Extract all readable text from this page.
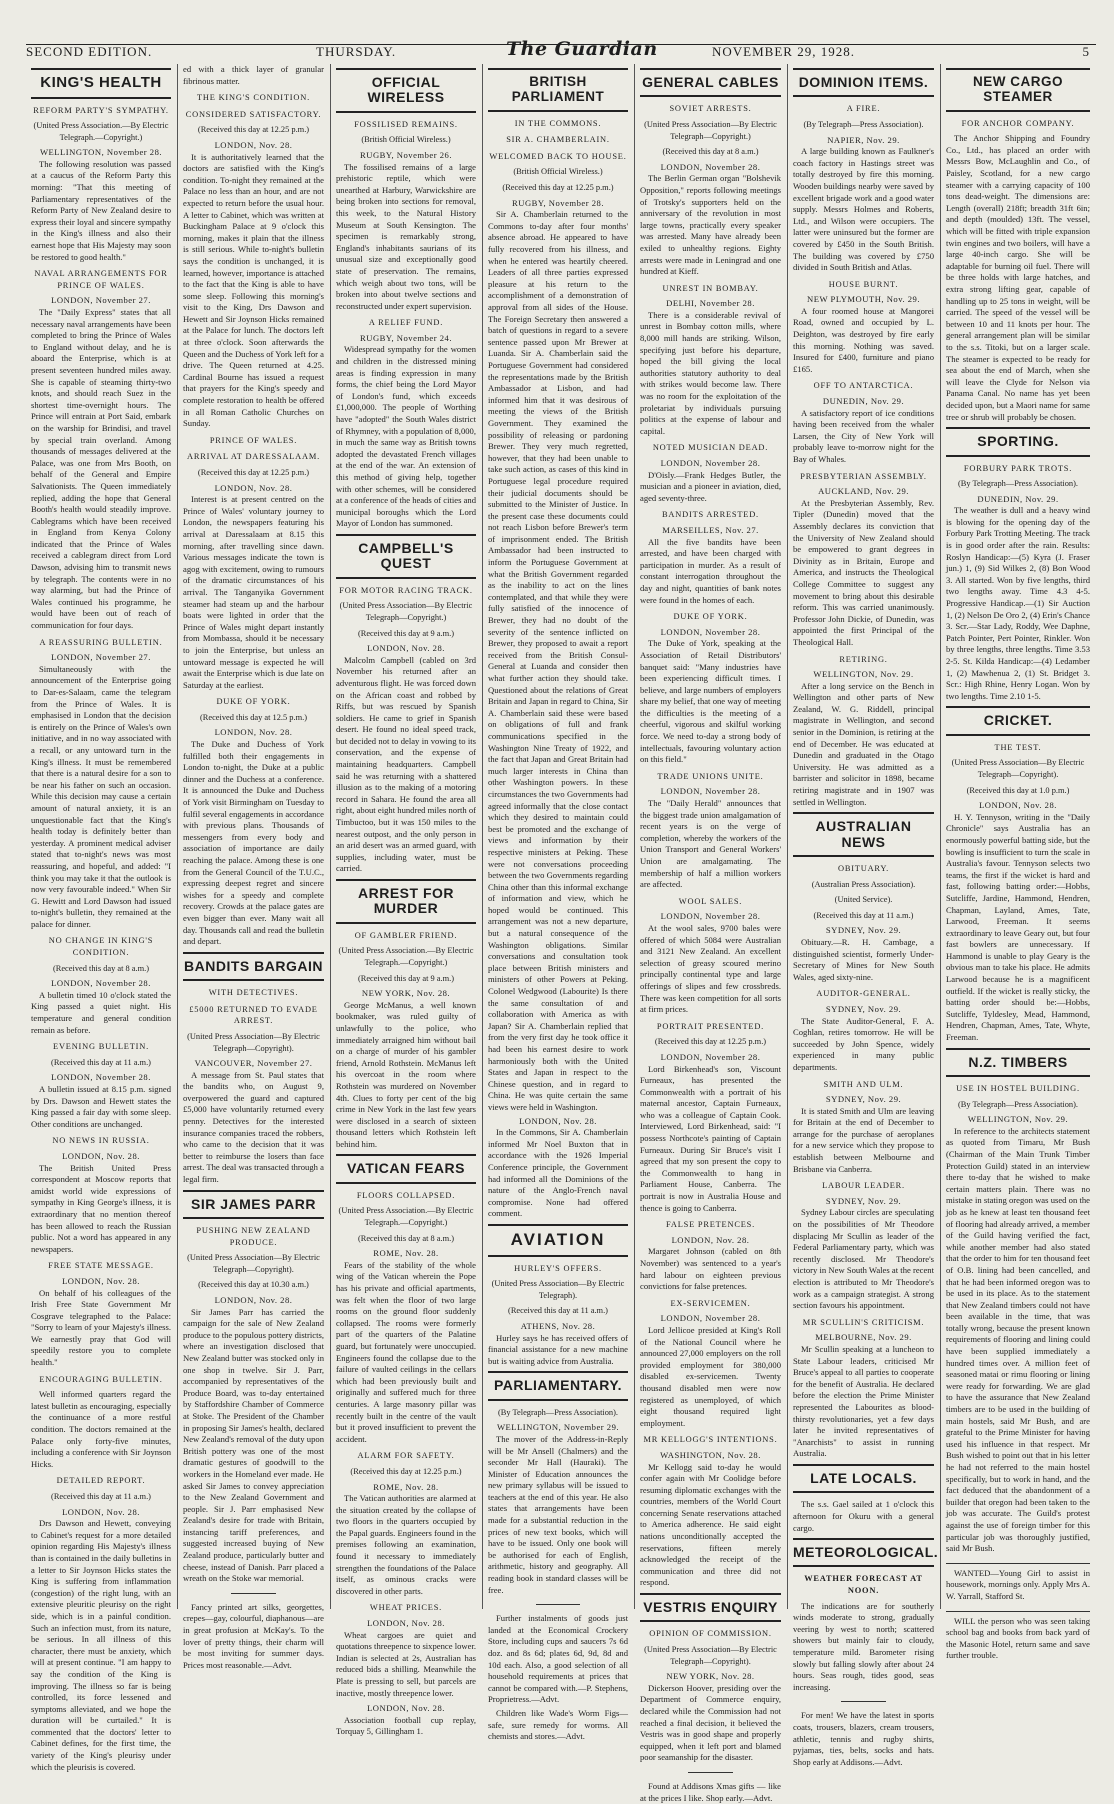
SECOND EDITION.	THURSDAY.	The Guardian	NOVEMBER 29, 1928.	5
KING'S HEALTH
REFORM PARTY'S SYMPATHY.
(United Press Association.—By Electric Telegraph.—Copyright.)
WELLINGTON, November 28.

The following resolution was passed at a caucus of the Reform Party this morning: "That this meeting of Parliamentary representatives of the Reform Party of New Zealand desire to express their loyal and sincere sympathy in the King's illness and also their earnest hope that His Majesty may soon be restored to good health."

NAVAL ARRANGEMENTS FOR PRINCE OF WALES.
LONDON, November 27.

The "Daily Express" states that all necessary naval arrangements have been completed to bring the Prince of Wales to England without delay, and he is aboard the Enterprise, which is at present seventeen hundred miles away. She is capable of steaming thirty-two knots, and should reach Suez in the shortest time-overnight hours. The Prince will entrain at Port Said, embark on the warship for Brindisi, and travel by special train overland. Among thousands of messages delivered at the Palace, was one from Mrs Booth, on behalf of the General and Empire Salvationists. The Queen immediately replied, adding the hope that General Booth's health would steadily improve. Cablegrams which have been received in England from Kenya Colony indicated that the Prince of Wales received a cablegram direct from Lord Dawson, advising him to transmit news by telegraph. The contents were in no way alarming, but had the Prince of Wales continued his programme, he would have been out of reach of communication for four days.

A REASSURING BULLETIN.
LONDON, November 27.

Simultaneously with the announcement of the Enterprise going to Dar-es-Salaam, came the telegram from the Prince of Wales. It is emphasised in London that the decision is entirely on the Prince of Wales's own initiative, and in no way associated with a recall, or any untoward turn in the King's illness. It must be remembered that there is a natural desire for a son to be near his father on such an occasion. While this decision may cause a certain amount of natural anxiety, it is an unquestionable fact that the King's health today is definitely better than yesterday. A prominent medical adviser stated that to-night's news was most reassuring, and hopeful, and added: "I think you may take it that the outlook is now very favourable indeed." When Sir G. Hewitt and Lord Dawson had issued to-night's bulletin, they remained at the palace for dinner.

NO CHANGE IN KING'S CONDITION.
(Received this day at 8 a.m.)
LONDON, November 28.

A bulletin timed 10 o'clock stated the King passed a quiet night. His temperature and general condition remain as before.

EVENING BULLETIN.
(Received this day at 11 a.m.)
LONDON, November 28.

A bulletin issued at 8.15 p.m. signed by Drs. Dawson and Hewett states the King passed a fair day with some sleep. Other conditions are unchanged.

NO NEWS IN RUSSIA.
LONDON, Nov. 28.

The British United Press correspondent at Moscow reports that amidst world wide expressions of sympathy in King George's illness, it is extraordinary that no mention thereof has been allowed to reach the Russian public. Not a word has appeared in any newspapers.

FREE STATE MESSAGE.
LONDON, Nov. 28.

On behalf of his colleagues of the Irish Free State Government Mr Cosgrave telegraphed to the Palace: "Sorry to learn of your Majesty's illness. We earnestly pray that God will speedily restore you to complete health."

ENCOURAGING BULLETIN.

Well informed quarters regard the latest bulletin as encouraging, especially the continuance of a more restful condition. The doctors remained at the Palace only forty-five minutes, including a conference with Sir Joynson Hicks.

DETAILED REPORT.
(Received this day at 11 a.m.)
LONDON, Nov. 28.

Drs Dawson and Hewett, conveying to Cabinet's request for a more detailed opinion regarding His Majesty's illness than is contained in the daily bulletins in a letter to Sir Joynson Hicks states the King is suffering from inflammation (congestion) of the right lung, with an extensive pleuritic pleurisy on the right side, which is in a painful condition. Such an infection must, from its nature, be serious. In all illness of this character, there must be anxiety, which will at present continue. "I am happy to say the condition of the King is improving. The illness so far is being controlled, its force lessened and symptoms alleviated, and we hope the duration will be curtailed." It is commented that the doctors' letter to Cabinet defines, for the first time, the variety of the King's pleurisy under which the pleurisis is covered.

ed with a thick layer of granular fibrinous matter.

THE KING'S CONDITION.
CONSIDERED SATISFACTORY.
(Received this day at 12.25 p.m.)
LONDON, Nov. 28.

It is authoritatively learned that the doctors are satisfied with the King's condition. To-night they remained at the Palace no less than an hour, and are not expected to return before the usual hour. A letter to Cabinet, which was written at Buckingham Palace at 9 o'clock this morning, makes it plain that the illness is still serious. While to-night's bulletin says the condition is unchanged, it is learned, however, importance is attached to the fact that the King is able to have some sleep. Following this morning's visit to the King, Drs Dawson and Hewett and Sir Joynson Hicks remained at the Palace for lunch. The doctors left at three o'clock. Soon afterwards the Queen and the Duchess of York left for a drive. The Queen returned at 4.25. Cardinal Bourne has issued a request that prayers for the King's speedy and complete restoration to health be offered in all Roman Catholic Churches on Sunday.

PRINCE OF WALES.
ARRIVAL AT DARESSALAAM.
(Received this day at 12.25 p.m.)
LONDON, Nov. 28.

Interest is at present centred on the Prince of Wales' voluntary journey to London, the newspapers featuring his arrival at Daressalaam at 8.15 this morning, after travelling since dawn. Various messages indicate the town is agog with excitement, owing to rumours of the dramatic circumstances of his arrival. The Tanganyika Government steamer had steam up and the harbour boats were lighted in order that the Prince of Wales might depart instantly from Mombassa, should it be necessary to join the Enterprise, but unless an untoward message is expected he will await the Enterprise which is due late on Saturday at the earliest.

DUKE OF YORK.
(Received this day at 12.5 p.m.)
LONDON, Nov. 28.

The Duke and Duchess of York fulfilled both their engagements in London to-night, the Duke at a public dinner and the Duchess at a conference. It is announced the Duke and Duchess of York visit Birmingham on Tuesday to fulfil several engagements in accordance with previous plans. Thousands of messengers from every body and association of importance are daily reaching the palace. Among these is one from the General Council of the T.U.C., expressing deepest regret and sincere wishes for a speedy and complete recovery. Crowds at the palace gates are even bigger than ever. Many wait all day. Thousands call and read the bulletin and depart.

BANDITS BARGAIN
WITH DETECTIVES.
£5000 RETURNED TO EVADE ARREST.
(United Press Association—By Electric Telegraph—Copyright).
VANCOUVER, November 27.

A message from St. Paul states that the bandits who, on August 9, overpowered the guard and captured £5,000 have voluntarily returned every penny. Detectives for the interested insurance companies traced the robbers, who came to the decision that it was better to reimburse the losers than face arrest. The deal was transacted through a legal firm.

SIR JAMES PARR
PUSHING NEW ZEALAND PRODUCE.
(United Press Association—By Electric Telegraph—Copyright).
(Received this day at 10.30 a.m.)
LONDON, Nov. 28.

Sir James Parr has carried the campaign for the sale of New Zealand produce to the populous pottery districts, where an investigation disclosed that New Zealand butter was stocked only in one shop in twelve. Sir J. Parr, accompanied by representatives of the Produce Board, was to-day entertained by Staffordshire Chamber of Commerce at Stoke. The President of the Chamber in proposing Sir James's health, declared New Zealand's removal of the duty upon British pottery was one of the most dramatic gestures of goodwill to the workers in the Homeland ever made. He asked Sir James to convey appreciation to the New Zealand Government and people. Sir J. Parr emphasised New Zealand's desire for trade with Britain, instancing tariff preferences, and suggested increased buying of New Zealand produce, particularly butter and cheese, instead of Danish. Parr placed a wreath on the Stoke war memorial.

Fancy printed art silks, georgettes, crepes—gay, colourful, diaphanous—are in great profusion at McKay's. To the lover of pretty things, their charm will be most inviting for summer days. Prices most reasonable.—Advt.

OFFICIAL WIRELESS
FOSSILISED REMAINS.
(British Official Wireless.)
RUGBY, November 26.

The fossilised remains of a large prehistoric reptile, which were unearthed at Harbury, Warwickshire are being broken into sections for removal, this week, to the Natural History Museum at South Kensington. The specimen is remarkably strong, England's inhabitants saurians of its unusual size and exceptionally good state of preservation. The remains, which weigh about two tons, will be broken into about twelve sections and reconstructed under expert supervision.

A RELIEF FUND.
RUGBY, November 24.

Widespread sympathy for the women and children in the distressed mining areas is finding expression in many forms, the chief being the Lord Mayor of London's fund, which exceeds £1,000,000. The people of Worthing have "adopted" the South Wales district of Rhymney, with a population of 8,000, in much the same way as British towns adopted the devastated French villages at the end of the war. An extension of this method of giving help, together with other schemes, will be considered at a conference of the heads of cities and municipal boroughs which the Lord Mayor of London has summoned.

CAMPBELL'S QUEST
FOR MOTOR RACING TRACK.
(United Press Association—By Electric Telegraph—Copyright.)
(Received this day at 9 a.m.)
LONDON, Nov. 28.

Malcolm Campbell (cabled on 3rd November his returned after an adventurous flight. He was forced down on the African coast and robbed by Riffs, but was rescued by Spanish soldiers. He came to grief in Spanish desert. He found no ideal speed track, but decided not to delay in vowing to its conservation, and the expense of maintaining headquarters. Campbell said he was returning with a shattered illusion as to the making of a motoring record in Sahara. He found the area all right, about eight hundred miles north of Timbuctoo, but it was 150 miles to the nearest outpost, and the only person in an arid desert was an armed guard, with supplies, including water, must be carried.

ARREST FOR MURDER
OF GAMBLER FRIEND.
(United Press Association.—By Electric Telegraph.—Copyright.)
(Received this day at 9 a.m.)
NEW YORK, Nov. 28.

George McManus, a well known bookmaker, was ruled guilty of unlawfully to the police, who immediately arraigned him without bail on a charge of murder of his gambler friend, Arnold Rothstein. McManus left his overcoat in the room where Rothstein was murdered on November 4th. Clues to forty per cent of the big crime in New York in the last few years were disclosed in a search of sixteen thousand letters which Rothstein left behind him.

VATICAN FEARS
FLOORS COLLAPSED.
(United Press Association.—By Electric Telegraph.—Copyright.)
(Received this day at 8 a.m.)
ROME, Nov. 28.

Fears of the stability of the whole wing of the Vatican wherein the Pope has his private and official apartments, was felt when the floor of two large rooms on the ground floor suddenly collapsed. The rooms were formerly part of the quarters of the Palatine guard, but fortunately were unoccupied. Engineers found the collapse due to the failure of vaulted ceilings in the cellars which had been previously built and originally and suffered much for three centuries. A large masonry pillar was recently built in the centre of the vault but it proved insufficient to prevent the accident.

ALARM FOR SAFETY.
(Received this day at 12.25 p.m.)
ROME, Nov. 28.

The Vatican authorities are alarmed at the situation created by the collapse of two floors in the quarters occupied by the Papal guards. Engineers found in the premises following an examination, found it necessary to immediately strengthen the foundations of the Palace itself, as ominous cracks were discovered in other parts.

WHEAT PRICES.
LONDON, Nov. 28.

Wheat cargoes are quiet and quotations threepence to sixpence lower. Indian is selected at 2s, Australian has reduced bids a shilling. Meanwhile the Plate is pressing to sell, but parcels are inactive, mostly threepence lower.

LONDON, Nov. 28.

Association football cup replay, Torquay 5, Gillingham 1.

BRITISH PARLIAMENT
IN THE COMMONS.
SIR A. CHAMBERLAIN.
WELCOMED BACK TO HOUSE.
(British Official Wireless.)
(Received this day at 12.25 p.m.)
RUGBY, November 28.

Sir A. Chamberlain returned to the Commons to-day after four months' absence abroad. He appeared to have fully recovered from his illness, and when he entered was heartily cheered. Leaders of all three parties expressed pleasure at his return to the accomplishment of a demonstration of approval from all sides of the House. The Foreign Secretary then answered a batch of questions in regard to a severe sentence passed upon Mr Brewer at Luanda. Sir A. Chamberlain said the Portuguese Government had considered the representations made by the British Ambassador at Lisbon, and had informed him that it was desirous of meeting the views of the British Government. They examined the possibility of releasing or pardoning Brewer. They very much regretted, however, that they had been unable to take such action, as cases of this kind in Portuguese legal procedure required their judicial documents should be submitted to the Minister of Justice. In the present case these documents could not reach Lisbon before Brewer's term of imprisonment ended. The British Ambassador had been instructed to inform the Portuguese Government at what the British Government regarded as the inability to act on the lines contemplated, and that while they were fully satisfied of the innocence of Brewer, they had no doubt of the severity of the sentence inflicted on Brewer, they proposed to await a report received from the British Consul-General at Luanda and consider then what further action they should take. Questioned about the relations of Great Britain and Japan in regard to China, Sir A. Chamberlain said these were based on obligations of full and frank communications specified in the Washington Nine Treaty of 1922, and the fact that Japan and Great Britain had much larger interests in China than other Washington powers. In these circumstances the two Governments had agreed informally that the close contact which they desired to maintain could best be promoted and the exchange of views and information by their respective ministers at Peking. These were not conversations proceeding between the two Governments regarding China other than this informal exchange of information and view, which he hoped would be continued. This arrangement was not a new departure, but a natural consequence of the Washington obligations. Similar conversations and consultation took place between British ministers and ministers of other Powers at Peking. Colonel Wedgwood (Labourite) Is there the same consultation of and collaboration with America as with Japan? Sir A. Chamberlain replied that from the very first day he took office it had been his earnest desire to work harmoniously both with the United States and Japan in respect to the Chinese question, and in regard to China. He was quite certain the same views were held in Washington.

LONDON, Nov. 28.

In the Commons, Sir A. Chamberlain informed Mr Noel Buxton that in accordance with the 1926 Imperial Conference principle, the Government had informed all the Dominions of the nature of the Anglo-French naval compromise. None had offered comment.

AVIATION
HURLEY'S OFFERS.
(United Press Association—By Electric Telegraph).
(Received this day at 11 a.m.)
ATHENS, Nov. 28.

Hurley says he has received offers of financial assistance for a new machine but is waiting advice from Australia.

PARLIAMENTARY.
(By Telegraph—Press Association).
WELLINGTON, November 29.

The mover of the Address-in-Reply will be Mr Ansell (Chalmers) and the seconder Mr Hall (Hauraki). The Minister of Education announces the new primary syllabus will be issued to teachers at the end of this year. He also states that arrangements have been made for a substantial reduction in the prices of new text books, which will have to be issued. Only one book will be authorised for each of English, arithmetic, history and geography. All reading book in standard classes will be free.

Further instalments of goods just landed at the Economical Crockery Store, including cups and saucers 7s 6d doz. and 8s 6d; plates 6d, 9d, 8d and 10d each. Also, a good selection of all household requirements at prices that cannot be compared with.—P. Stephens, Proprietress.—Advt.

Children like Wade's Worm Figs—safe, sure remedy for worms. All chemists and stores.—Advt.

GENERAL CABLES
SOVIET ARRESTS.
(United Press Association—By Electric Telegraph—Copyright.)
(Received this day at 8 a.m.)
LONDON, November 28.

The Berlin German organ "Bolshevik Opposition," reports following meetings of Trotsky's supporters held on the anniversary of the revolution in most large towns, practically every speaker was arrested. Many have already been exiled to unhealthy regions. Eighty arrests were made in Leningrad and one hundred at Kieff.

UNREST IN BOMBAY.
DELHI, November 28.

There is a considerable revival of unrest in Bombay cotton mills, where 8,000 mill hands are striking. Wilson, specifying just before his departure, hoped the bill giving the local authorities statutory authority to deal with strikes would become law. There was no room for the exploitation of the proletariat by individuals pursuing politics at the expense of labour and capital.

NOTED MUSICIAN DEAD.
LONDON, November 28.

D'Oisly.—Frank Hedges Butler, the musician and a pioneer in aviation, died, aged seventy-three.

BANDITS ARRESTED.
MARSEILLES, Nov. 27.

All the five bandits have been arrested, and have been charged with participation in murder. As a result of constant interrogation throughout the day and night, quantities of bank notes were found in the homes of each.

DUKE OF YORK.
LONDON, November 28.

The Duke of York, speaking at the Association of Retail Distributors' banquet said: "Many industries have been experiencing difficult times. I believe, and large numbers of employers share my belief, that one way of meeting the difficulties is the meeting of a cheerful, vigorous and skilful working force. We need to-day a strong body of intellectuals, favouring voluntary action on this field."

TRADE UNIONS UNITE.
LONDON, November 28.

The "Daily Herald" announces that the biggest trade union amalgamation of recent years is on the verge of completion, whereby the workers of the Union Transport and General Workers' Union are amalgamating. The membership of half a million workers are affected.

WOOL SALES.
LONDON, November 28.

At the wool sales, 9700 bales were offered of which 5084 were Australian and 3121 New Zealand. An excellent selection of greasy scoured merino principally continental type and large offerings of slipes and few crossbreds. There was keen competition for all sorts at firm prices.

PORTRAIT PRESENTED.
(Received this day at 12.25 p.m.)
LONDON, November 28.

Lord Birkenhead's son, Viscount Furneaux, has presented the Commonwealth with a portrait of his maternal ancestor, Captain Furneaux, who was a colleague of Captain Cook. Interviewed, Lord Birkenhead, said: "I possess Northcote's painting of Captain Furneaux. During Sir Bruce's visit I agreed that my son present the copy to the Commonwealth to hang in Parliament House, Canberra. The portrait is now in Australia House and thence is going to Canberra.

FALSE PRETENCES.
LONDON, Nov. 28.

Margaret Johnson (cabled on 8th November) was sentenced to a year's hard labour on eighteen previous convictions for false pretences.

EX-SERVICEMEN.
LONDON, November 28.

Lord Jellicoe presided at King's Roll of the National Council where he announced 27,000 employers on the roll provided employment for 380,000 disabled ex-servicemen. Twenty thousand disabled men were now registered as unemployed, of which eight thousand required light employment.

MR KELLOGG'S INTENTIONS.
WASHINGTON, Nov. 28.

Mr Kellogg said to-day he would confer again with Mr Coolidge before resuming diplomatic exchanges with the countries, members of the World Court concerning Senate reservations attached to America adherence. He said eight nations unconditionally accepted the reservations, fifteen merely acknowledged the receipt of the communication and three did not respond.

VESTRIS ENQUIRY
OPINION OF COMMISSION.
(United Press Association—By Electric Telegraph—Copyright).
NEW YORK, Nov. 28.

Dickerson Hoover, presiding over the Department of Commerce enquiry, declared while the Commission had not reached a final decision, it believed the Vestris was in good shape and properly equipped, when it left port and blamed poor seamanship for the disaster.

Found at Addisons Xmas gifts — like at the prices I like. Shop early.—Advt.

DOMINION ITEMS.
A FIRE.
(By Telegraph—Press Association).
NAPIER, Nov. 29.

A large building known as Faulkner's coach factory in Hastings street was totally destroyed by fire this morning. Wooden buildings nearby were saved by excellent brigade work and a good water supply. Messrs Holmes and Roberts, Ltd., and Wilson were occupiers. The latter were uninsured but the former are covered by £450 in the South British. The building was covered by £750 divided in South British and Atlas.

HOUSE BURNT.
NEW PLYMOUTH, Nov. 29.

A four roomed house at Mangorei Road, owned and occupied by L. Deighton, was destroyed by fire early this morning. Nothing was saved. Insured for £400, furniture and piano £165.

OFF TO ANTARCTICA.
DUNEDIN, Nov. 29.

A satisfactory report of ice conditions having been received from the whaler Larsen, the City of New York will probably leave to-morrow night for the Bay of Whales.

PRESBYTERIAN ASSEMBLY.
AUCKLAND, Nov. 29.

At the Presbyterian Assembly, Rev. Tipler (Dunedin) moved that the Assembly declares its conviction that the University of New Zealand should be empowered to grant degrees in Divinity as in Britain, Europe and America, and instructs the Theological College Committee to suggest any movement to bring about this desirable reform. This was carried unanimously. Professor John Dickie, of Dunedin, was appointed the first Principal of the Theological Hall.

RETIRING.
WELLINGTON, Nov. 29.

After a long service on the Bench in Wellington and other parts of New Zealand, W. G. Riddell, principal magistrate in Wellington, and second senior in the Dominion, is retiring at the end of December. He was educated at Dunedin and graduated in the Otago University. He was admitted as a barrister and solicitor in 1898, became retiring magistrate and in 1907 was settled in Wellington.

AUSTRALIAN NEWS
OBITUARY.
(Australian Press Association).
(United Service).
(Received this day at 11 a.m.)
SYDNEY, Nov. 29.

Obituary.—R. H. Cambage, a distinguished scientist, formerly Under-Secretary of Mines for New South Wales, aged sixty-nine.

AUDITOR-GENERAL.
SYDNEY, Nov. 29.

The State Auditor-General, F. A. Coghlan, retires tomorrow. He will be succeeded by John Spence, widely experienced in many public departments.

SMITH AND ULM.
SYDNEY, Nov. 29.

It is stated Smith and Ulm are leaving for Britain at the end of December to arrange for the purchase of aeroplanes for a new service which they propose to establish between Melbourne and Brisbane via Canberra.

LABOUR LEADER.
SYDNEY, Nov. 29.

Sydney Labour circles are speculating on the possibilities of Mr Theodore displacing Mr Scullin as leader of the Federal Parliamentary party, which was recently disclosed. Mr Theodore's victory in New South Wales at the recent election is attributed to Mr Theodore's work as a campaign strategist. A strong section favours his appointment.

MR SCULLIN'S CRITICISM.
MELBOURNE, Nov. 29.

Mr Scullin speaking at a luncheon to State Labour leaders, criticised Mr Bruce's appeal to all parties to cooperate for the benefit of Australia. He declared before the election the Prime Minister represented the Labourites as blood-thirsty revolutionaries, yet a few days later he invited representatives of "Anarchists" to assist in running Australia.

LATE LOCALS.

The s.s. Gael sailed at 1 o'clock this afternoon for Okuru with a general cargo.

METEOROLOGICAL.
WEATHER FORECAST AT NOON.

The indications are for southerly winds moderate to strong, gradually veering by west to north; scattered showers but mainly fair to cloudy, temperature mild. Barometer rising slowly but falling slowly after about 24 hours. Seas rough, tides good, seas increasing.

For men! We have the latest in sports coats, trousers, blazers, cream trousers, athletic, tennis and rugby shirts, pyjamas, ties, belts, socks and hats. Shop early at Addisons.—Advt.

NEW CARGO STEAMER
FOR ANCHOR COMPANY.

The Anchor Shipping and Foundry Co., Ltd., has placed an order with Messrs Bow, McLaughlin and Co., of Paisley, Scotland, for a new cargo steamer with a carrying capacity of 100 tons dead-weight. The dimensions are: Length (overall) 218ft; breadth 31ft 6in; and depth (moulded) 13ft. The vessel, which will be fitted with triple expansion twin engines and two boilers, will have a large 40-inch cargo. She will be adaptable for burning oil fuel. There will be three holds with large hatches, and extra strong lifting gear, capable of handling up to 25 tons in weight, will be carried. The speed of the vessel will be between 10 and 11 knots per hour. The general arrangement plan will be similar to the s.s. Titoki, but on a larger scale. The steamer is expected to be ready for sea about the end of March, when she will leave the Clyde for Nelson via Panama Canal. No name has yet been decided upon, but a Maori name for same tree or shrub will probably be chosen.

SPORTING.
FORBURY PARK TROTS.
(By Telegraph—Press Association).
DUNEDIN, Nov. 29.

The weather is dull and a heavy wind is blowing for the opening day of the Forbury Park Trotting Meeting. The track is in good order after the rain. Results: Roslyn Handicap:—(5) Kyra (J. Fraser jun.) 1, (9) Sid Wilkes 2, (8) Bon Wood 3. All started. Won by five lengths, third two lengths away. Time 4.3 4-5. Progressive Handicap.—(1) Sir Auction 1, (2) Nelson De Oro 2, (4) Erin's Chance 3. Scr.—Star Lady, Roddy, Wee Daphne, Patch Pointer, Pert Pointer, Rinkler. Won by three lengths, three lengths. Time 3.53 2-5. St. Kilda Handicap:—(4) Ledamber 1, (2) Mawhenua 2, (1) St. Bridget 3. Scr.: High Rhine, Henry Logan. Won by two lengths. Time 2.10 1-5.

CRICKET.
THE TEST.
(United Press Association—By Electric Telegraph—Copyright).
(Received this day at 1.0 p.m.)
LONDON, Nov. 28.

H. Y. Tennyson, writing in the "Daily Chronicle" says Australia has an enormously powerful batting side, but the bowling is insufficient to turn the scale in Australia's favour. Tennyson selects two teams, the first if the wicket is hard and fast, following batting order:—Hobbs, Sutcliffe, Jardine, Hammond, Hendren, Chapman, Layland, Ames, Tate, Larwood, Freeman. It seems extraordinary to leave Geary out, but four fast bowlers are unnecessary. If Hammond is unable to play Geary is the obvious man to take his place. He admits Larwood because he is a magnificent outfield. If the wicket is really sticky, the batting order should be:—Hobbs, Sutcliffe, Tyldesley, Mead, Hammond, Hendren, Chapman, Ames, Tate, Whyte, Freeman.

N.Z. TIMBERS
USE IN HOSTEL BUILDING.
(By Telegraph—Press Association).
WELLINGTON, Nov. 29.

In reference to the architects statement as quoted from Timaru, Mr Bush (Chairman of the Main Trunk Timber Protection Guild) stated in an interview there to-day that he wished to make certain matters plain. There was no mistake in stating oregon was used on the job as he knew at least ten thousand feet of flooring had already arrived, a member of the Guild having verified the fact, while another member had also stated that the order to him for ten thousand feet of O.B. lining had been cancelled, and that he had been informed oregon was to be used in its place. As to the statement that New Zealand timbers could not have been available in the time, that was totally wrong, because the present known requirements of flooring and lining could have been supplied immediately a hundred times over. A million feet of seasoned matai or rimu flooring or lining were ready for forwarding. We are glad to have the assurance that New Zealand timbers are to be used in the building of main hostels, said Mr Bush, and are grateful to the Prime Minister for having used his influence in that respect. Mr Bush wished to point out that in his letter he had not referred to the main hostel specifically, but to work in hand, and the fact deduced that the abandonment of a builder that oregon had been taken to the job was accurate. The Guild's protest against the use of foreign timber for this particular job was thoroughly justified, said Mr Bush.

WANTED—Young Girl to assist in housework, mornings only. Apply Mrs A. W. Yarrall, Stafford St.

WILL the person who was seen taking school bag and books from back yard of the Masonic Hotel, return same and save further trouble.
